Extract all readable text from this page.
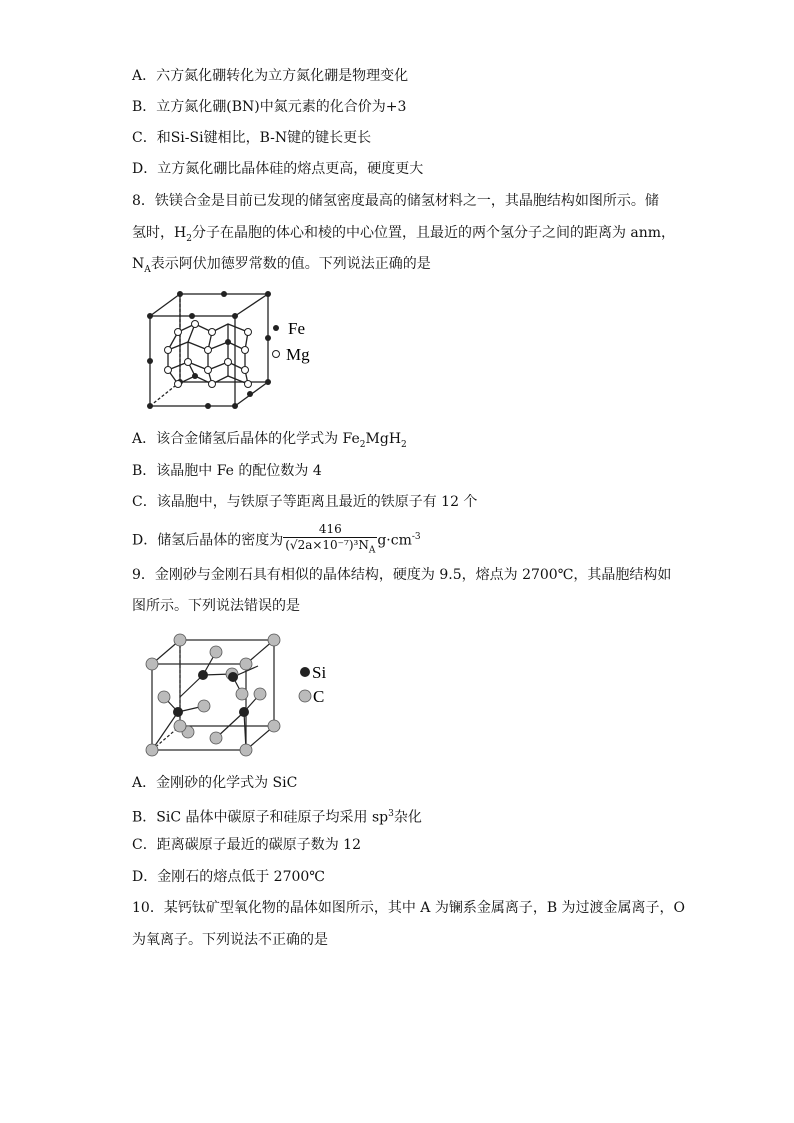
A．六方氮化硼转化为立方氮化硼是物理变化
B．立方氮化硼(BN)中氮元素的化合价为+3
C．和Si-Si键相比，B-N键的键长更长
D．立方氮化硼比晶体硅的熔点更高，硬度更大
8．铁镁合金是目前已发现的储氢密度最高的储氢材料之一，其晶胞结构如图所示。储
氢时，$H_2$分子在晶胞的体心和棱的中心位置，且最近的两个氢分子之间的距离为 anm，
$N_A$表示阿伏加德罗常数的值。下列说法正确的是
Fe
Mg
A．该合金储氢后晶体的化学式为 $Fe_2MgH_2$
B．该晶胞中 Fe 的配位数为 4
C．该晶胞中，与铁原子等距离且最近的铁原子有 12 个
D．储氢后晶体的密度为 $\frac{416}{(√2a\times 10^{-7})^3N_A} g\cdot cm^{-3}$
9．金刚砂与金刚石具有相似的晶体结构，硬度为 9.5，熔点为 2700℃，其晶胞结构如
图所示。下列说法错误的是
Si
C
A．金刚砂的化学式为 SiC
B．SiC 晶体中碳原子和硅原子均采用 $sp^3$杂化
C．距离碳原子最近的碳原子数为 12
D．金刚石的熔点低于 2700℃
10．某钙钛矿型氧化物的晶体如图所示，其中 A 为镧系金属离子，B 为过渡金属离子，O
为氧离子。下列说法不正确的是
